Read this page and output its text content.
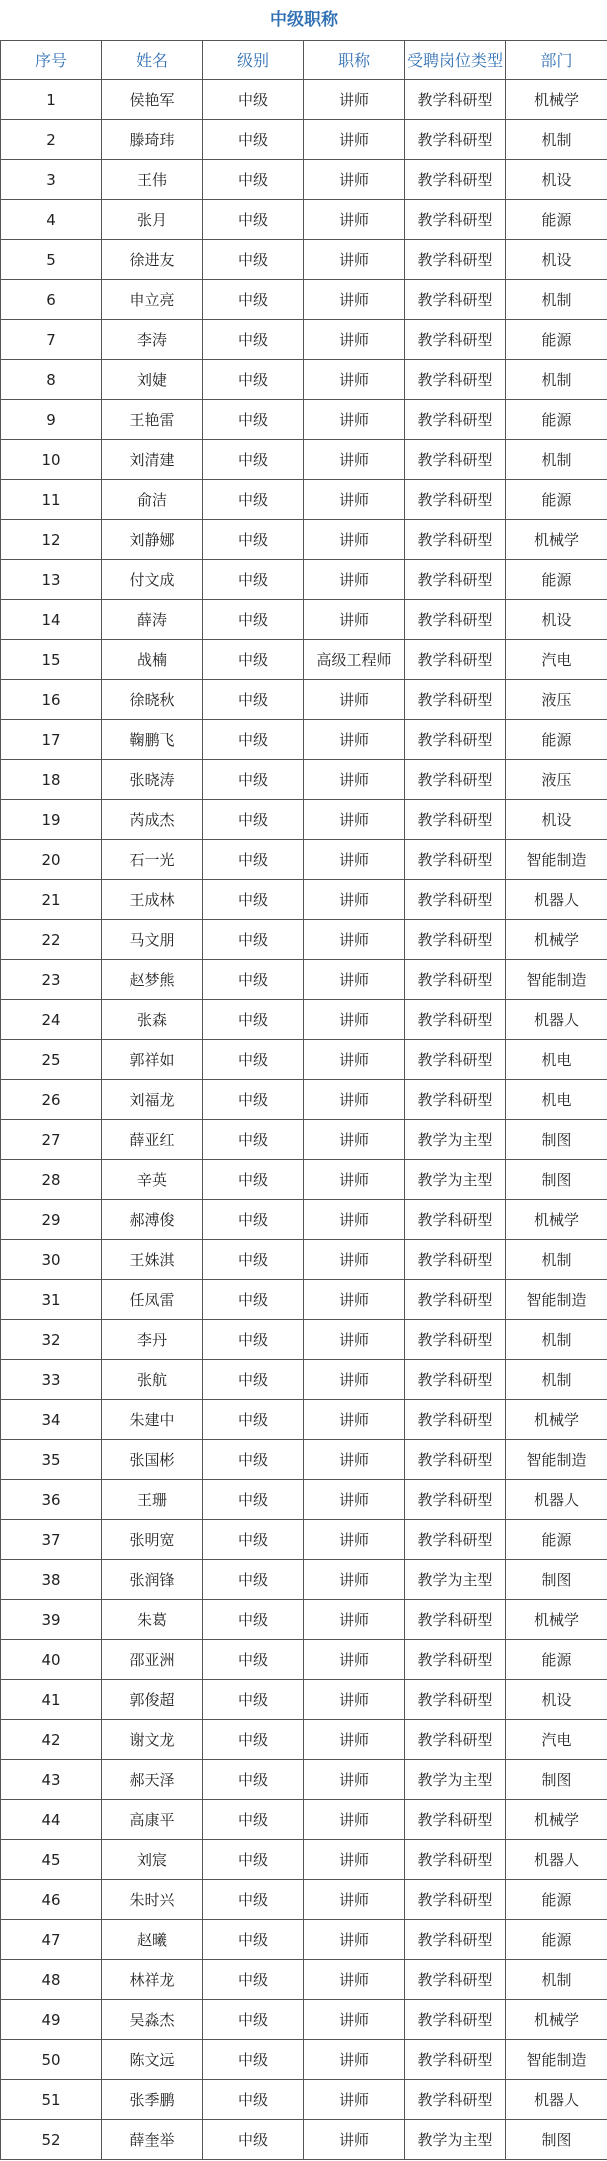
中级职称					
序号	姓名	级别	职称	受聘岗位类型	部门
1	侯艳军	中级	讲师	教学科研型	机械学
2	滕琦玮	中级	讲师	教学科研型	机制
3	王伟	中级	讲师	教学科研型	机设
4	张月	中级	讲师	教学科研型	能源
5	徐进友	中级	讲师	教学科研型	机设
6	申立亮	中级	讲师	教学科研型	机制
7	李涛	中级	讲师	教学科研型	能源
8	刘婕	中级	讲师	教学科研型	机制
9	王艳雷	中级	讲师	教学科研型	能源
10	刘清建	中级	讲师	教学科研型	机制
11	俞洁	中级	讲师	教学科研型	能源
12	刘静娜	中级	讲师	教学科研型	机械学
13	付文成	中级	讲师	教学科研型	能源
14	薛涛	中级	讲师	教学科研型	机设
15	战楠	中级	高级工程师	教学科研型	汽电
16	徐晓秋	中级	讲师	教学科研型	液压
17	鞠鹏飞	中级	讲师	教学科研型	能源
18	张晓涛	中级	讲师	教学科研型	液压
19	芮成杰	中级	讲师	教学科研型	机设
20	石一光	中级	讲师	教学科研型	智能制造
21	王成林	中级	讲师	教学科研型	机器人
22	马文朋	中级	讲师	教学科研型	机械学
23	赵梦熊	中级	讲师	教学科研型	智能制造
24	张森	中级	讲师	教学科研型	机器人
25	郭祥如	中级	讲师	教学科研型	机电
26	刘福龙	中级	讲师	教学科研型	机电
27	薛亚红	中级	讲师	教学为主型	制图
28	辛英	中级	讲师	教学为主型	制图
29	郝溥俊	中级	讲师	教学科研型	机械学
30	王姝淇	中级	讲师	教学科研型	机制
31	任凤雷	中级	讲师	教学科研型	智能制造
32	李丹	中级	讲师	教学科研型	机制
33	张航	中级	讲师	教学科研型	机制
34	朱建中	中级	讲师	教学科研型	机械学
35	张国彬	中级	讲师	教学科研型	智能制造
36	王珊	中级	讲师	教学科研型	机器人
37	张明宽	中级	讲师	教学科研型	能源
38	张润锋	中级	讲师	教学为主型	制图
39	朱葛	中级	讲师	教学科研型	机械学
40	邵亚洲	中级	讲师	教学科研型	能源
41	郭俊超	中级	讲师	教学科研型	机设
42	谢文龙	中级	讲师	教学科研型	汽电
43	郝天泽	中级	讲师	教学为主型	制图
44	高康平	中级	讲师	教学科研型	机械学
45	刘宸	中级	讲师	教学科研型	机器人
46	朱时兴	中级	讲师	教学科研型	能源
47	赵曦	中级	讲师	教学科研型	能源
48	林祥龙	中级	讲师	教学科研型	机制
49	吴淼杰	中级	讲师	教学科研型	机械学
50	陈文远	中级	讲师	教学科研型	智能制造
51	张季鹏	中级	讲师	教学科研型	机器人
52	薛奎举	中级	讲师	教学为主型	制图
